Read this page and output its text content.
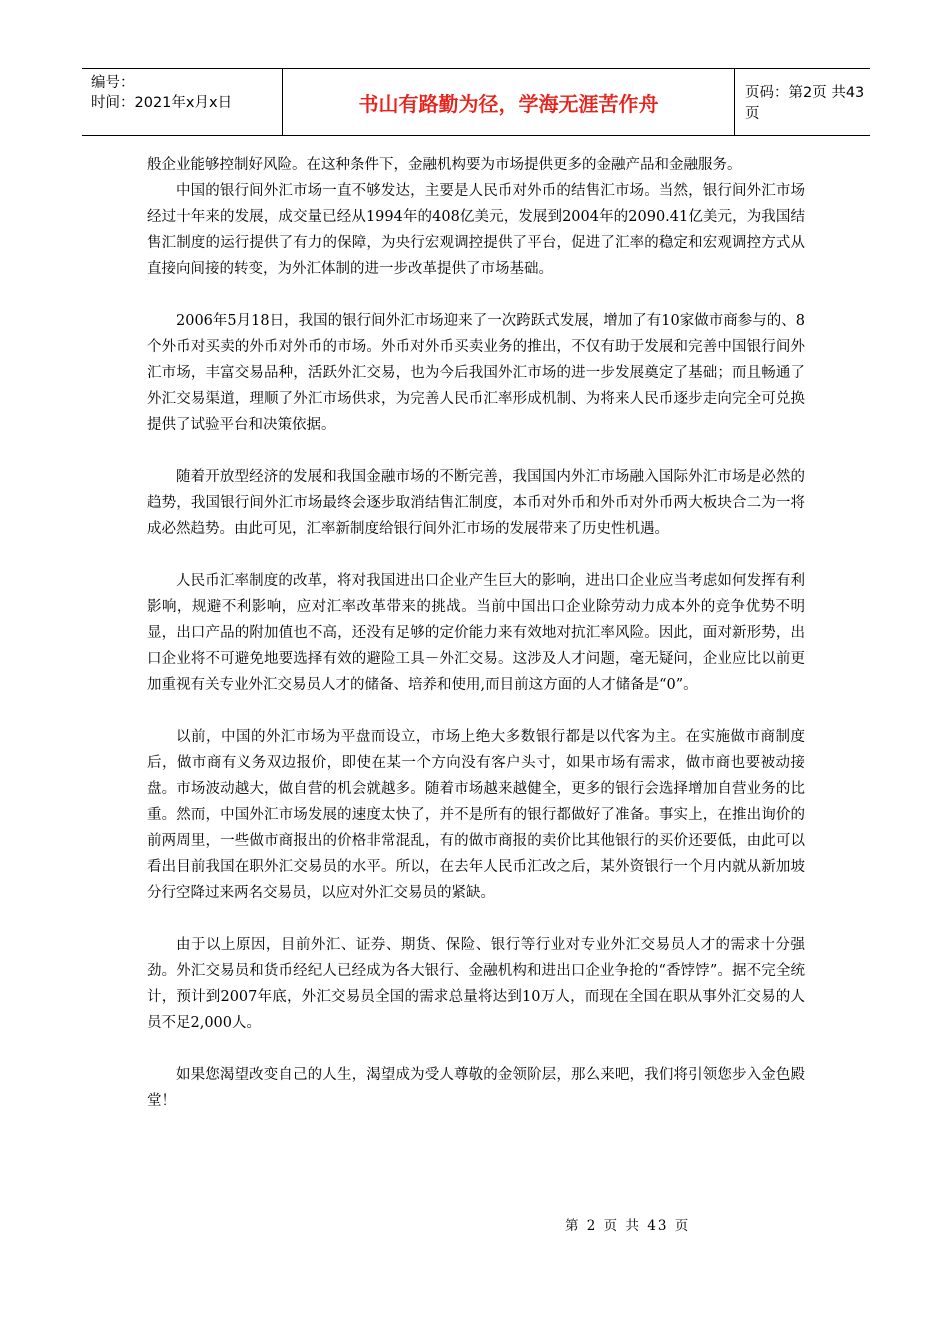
编号：
时间：2021年x月x日	书山有路勤为径，学海无涯苦作舟	页码：第2页 共43页

般企业能够控制好风险。在这种条件下，金融机构要为市场提供更多的金融产品和金融服务。

中国的银行间外汇市场一直不够发达，主要是人民币对外币的结售汇市场。当然，银行间外汇市场经过十年来的发展，成交量已经从1994年的408亿美元，发展到2004年的2090.41亿美元，为我国结售汇制度的运行提供了有力的保障，为央行宏观调控提供了平台，促进了汇率的稳定和宏观调控方式从直接向间接的转变，为外汇体制的进一步改革提供了市场基础。

2006年5月18日，我国的银行间外汇市场迎来了一次跨跃式发展，增加了有10家做市商参与的、8个外币对买卖的外币对外币的市场。外币对外币买卖业务的推出，不仅有助于发展和完善中国银行间外汇市场，丰富交易品种，活跃外汇交易，也为今后我国外汇市场的进一步发展奠定了基础；而且畅通了外汇交易渠道，理顺了外汇市场供求，为完善人民币汇率形成机制、为将来人民币逐步走向完全可兑换提供了试验平台和决策依据。

随着开放型经济的发展和我国金融市场的不断完善，我国国内外汇市场融入国际外汇市场是必然的趋势，我国银行间外汇市场最终会逐步取消结售汇制度，本币对外币和外币对外币两大板块合二为一将成必然趋势。由此可见，汇率新制度给银行间外汇市场的发展带来了历史性机遇。

人民币汇率制度的改革，将对我国进出口企业产生巨大的影响，进出口企业应当考虑如何发挥有利影响，规避不利影响，应对汇率改革带来的挑战。当前中国出口企业除劳动力成本外的竞争优势不明显，出口产品的附加值也不高，还没有足够的定价能力来有效地对抗汇率风险。因此，面对新形势，出口企业将不可避免地要选择有效的避险工具－外汇交易。这涉及人才问题，毫无疑问，企业应比以前更加重视有关专业外汇交易员人才的储备、培养和使用,而目前这方面的人才储备是“0”。

以前，中国的外汇市场为平盘而设立，市场上绝大多数银行都是以代客为主。在实施做市商制度后，做市商有义务双边报价，即使在某一个方向没有客户头寸，如果市场有需求，做市商也要被动接盘。市场波动越大，做自营的机会就越多。随着市场越来越健全，更多的银行会选择增加自营业务的比重。然而，中国外汇市场发展的速度太快了，并不是所有的银行都做好了准备。事实上，在推出询价的前两周里，一些做市商报出的价格非常混乱，有的做市商报的卖价比其他银行的买价还要低，由此可以看出目前我国在职外汇交易员的水平。所以，在去年人民币汇改之后，某外资银行一个月内就从新加坡分行空降过来两名交易员，以应对外汇交易员的紧缺。

由于以上原因，目前外汇、证券、期货、保险、银行等行业对专业外汇交易员人才的需求十分强劲。外汇交易员和货币经纪人已经成为各大银行、金融机构和进出口企业争抢的“香饽饽”。据不完全统计，预计到2007年底，外汇交易员全国的需求总量将达到10万人，而现在全国在职从事外汇交易的人员不足2,000人。

如果您渴望改变自己的人生，渴望成为受人尊敬的金领阶层，那么来吧，我们将引领您步入金色殿堂！

第 2 页 共 43 页
